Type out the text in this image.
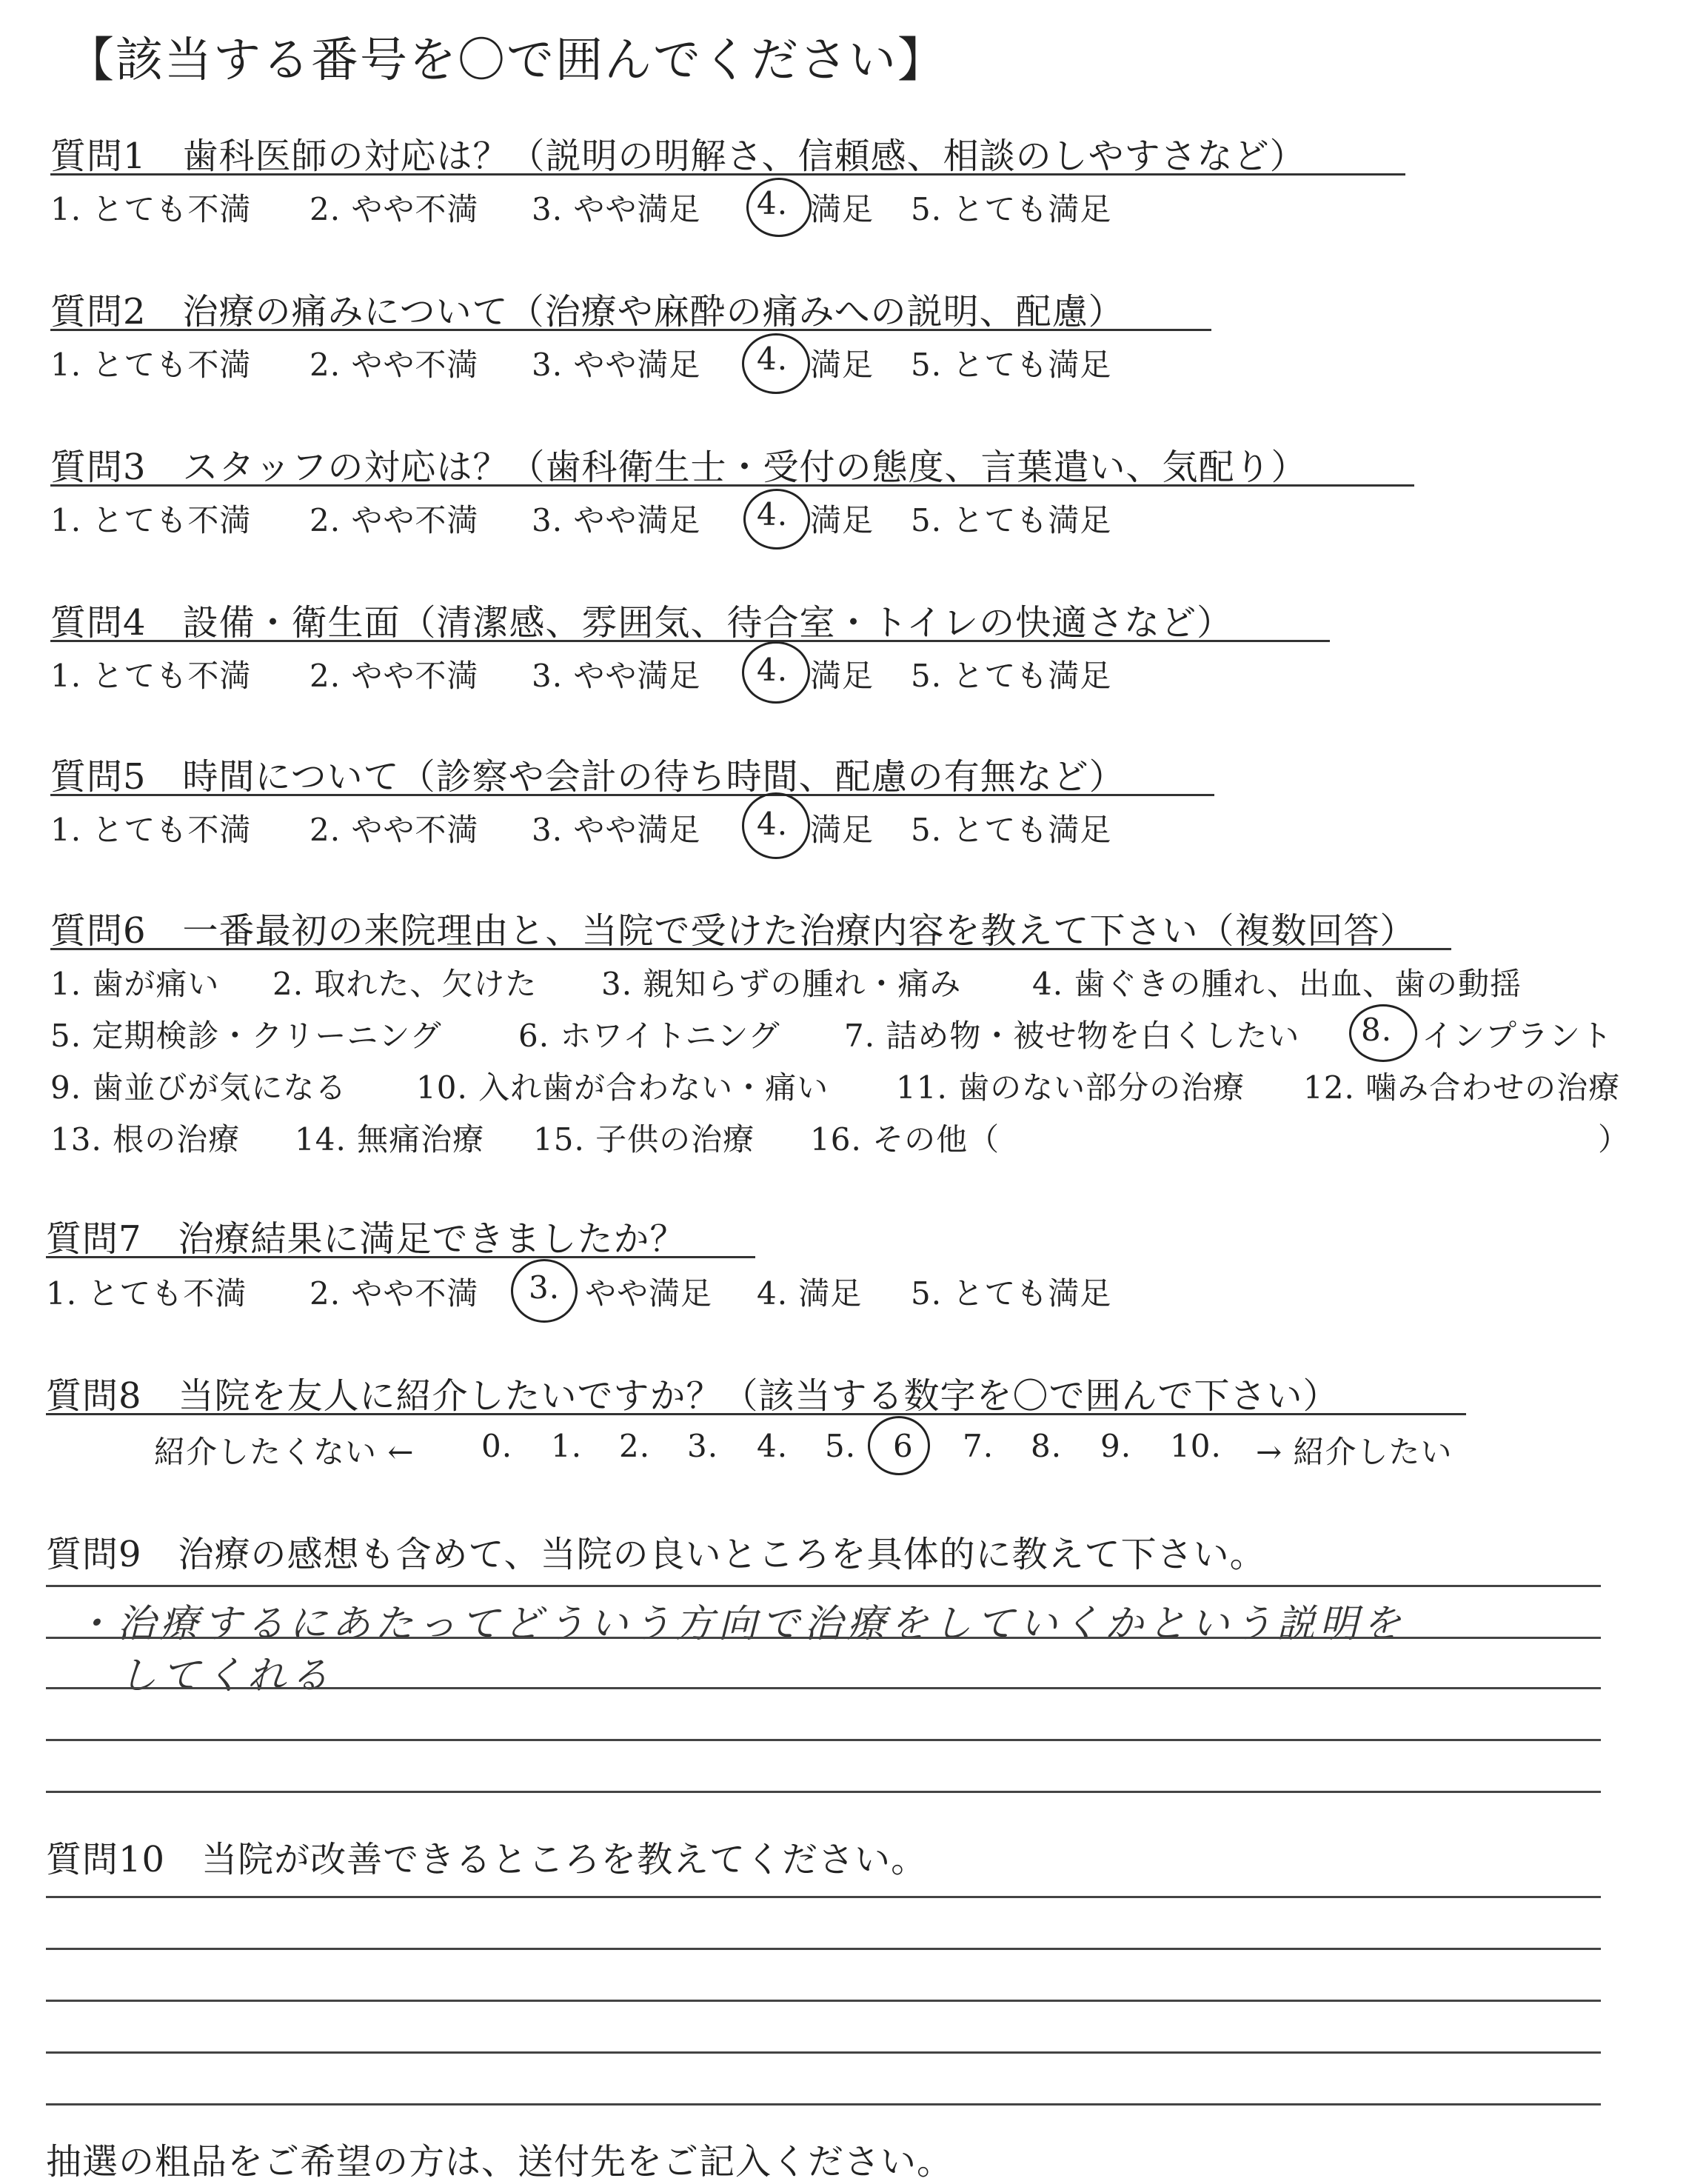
【該当する番号を〇で囲んでください】
質問1　歯科医師の対応は？（説明の明解さ、信頼感、相談のしやすさなど）
1. とても不満 2. やや不満 3. やや満足 4. 満足 5. とても満足
質問2　治療の痛みについて（治療や麻酔の痛みへの説明、配慮）
1. とても不満 2. やや不満 3. やや満足 4. 満足 5. とても満足
質問3　スタッフの対応は？（歯科衛生士・受付の態度、言葉遣い、気配り）
1. とても不満 2. やや不満 3. やや満足 4. 満足 5. とても満足
質問4　設備・衛生面（清潔感、雰囲気、待合室・トイレの快適さなど）
1. とても不満 2. やや不満 3. やや満足 4. 満足 5. とても満足
質問5　時間について（診察や会計の待ち時間、配慮の有無など）
1. とても不満 2. やや不満 3. やや満足 4. 満足 5. とても満足
質問6　一番最初の来院理由と、当院で受けた治療内容を教えて下さい（複数回答）
1. 歯が痛い 2. 取れた、欠けた 3. 親知らずの腫れ・痛み 4. 歯ぐきの腫れ、出血、歯の動揺
5. 定期検診・クリーニング 6. ホワイトニング 7. 詰め物・被せ物を白くしたい 8. インプラント
9. 歯並びが気になる 10. 入れ歯が合わない・痛い 11. 歯のない部分の治療 12. 噛み合わせの治療
13. 根の治療 14. 無痛治療 15. 子供の治療 16. その他（	）
質問7　治療結果に満足できましたか？
1. とても不満 2. やや不満 3. やや満足 4. 満足 5. とても満足
質問8　当院を友人に紹介したいですか？（該当する数字を〇で囲んで下さい）
紹介したくない ← 0. 1. 2. 3. 4. 5. 6 7. 8. 9. 10. → 紹介したい
質問9　治療の感想も含めて、当院の良いところを具体的に教えて下さい。
・治療するにあたってどういう方向で治療をしていくかという説明を
してくれる
質問10　当院が改善できるところを教えてください。
抽選の粗品をご希望の方は、送付先をご記入ください。
